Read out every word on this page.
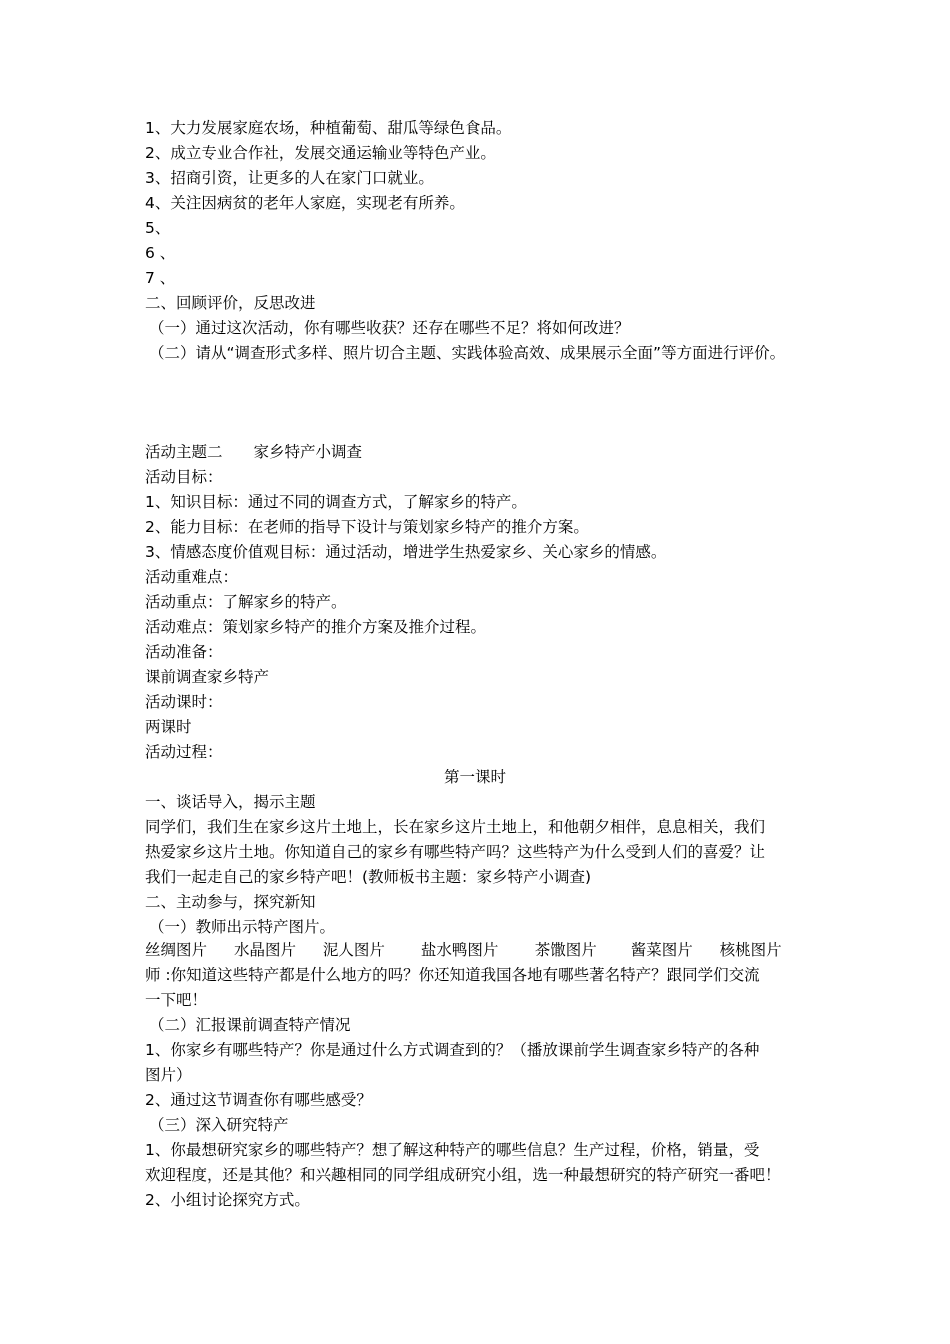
1、大力发展家庭农场，种植葡萄、甜瓜等绿色食品。
2、成立专业合作社，发展交通运输业等特色产业。
3、招商引资，让更多的人在家门口就业。
4、关注因病贫的老年人家庭，实现老有所养。
5、
6 、
7 、
二、回顾评价，反思改进
（一）通过这次活动，你有哪些收获？还存在哪些不足？将如何改进？
（二）请从“调查形式多样、照片切合主题、实践体验高效、成果展示全面”等方面进行评价。
活动主题二　　家乡特产小调查
活动目标：
1、知识目标：通过不同的调查方式，了解家乡的特产。
2、能力目标：在老师的指导下设计与策划家乡特产的推介方案。
3、情感态度价值观目标：通过活动，增进学生热爱家乡、关心家乡的情感。
活动重难点：
活动重点：了解家乡的特产。
活动难点：策划家乡特产的推介方案及推介过程。
活动准备：
课前调查家乡特产
活动课时：
两课时
活动过程：
第一课时
一、谈话导入，揭示主题
同学们，我们生在家乡这片土地上，长在家乡这片土地上，和他朝夕相伴，息息相关，我们
热爱家乡这片土地。你知道自己的家乡有哪些特产吗？这些特产为什么受到人们的喜爱？让
我们一起走自己的家乡特产吧！(教师板书主题：家乡特产小调查)
二、主动参与，探究新知
（一）教师出示特产图片。
丝绸图片 水晶图片 泥人图片 盐水鸭图片 茶馓图片 酱菜图片 核桃图片
师 :你知道这些特产都是什么地方的吗？你还知道我国各地有哪些著名特产？跟同学们交流
一下吧！
（二）汇报课前调查特产情况
1、你家乡有哪些特产？你是通过什么方式调查到的？（播放课前学生调查家乡特产的各种
图片）
2、通过这节调查你有哪些感受？
（三）深入研究特产
1、你最想研究家乡的哪些特产？想了解这种特产的哪些信息？生产过程，价格，销量，受
欢迎程度，还是其他？和兴趣相同的同学组成研究小组，选一种最想研究的特产研究一番吧！
2、小组讨论探究方式。
